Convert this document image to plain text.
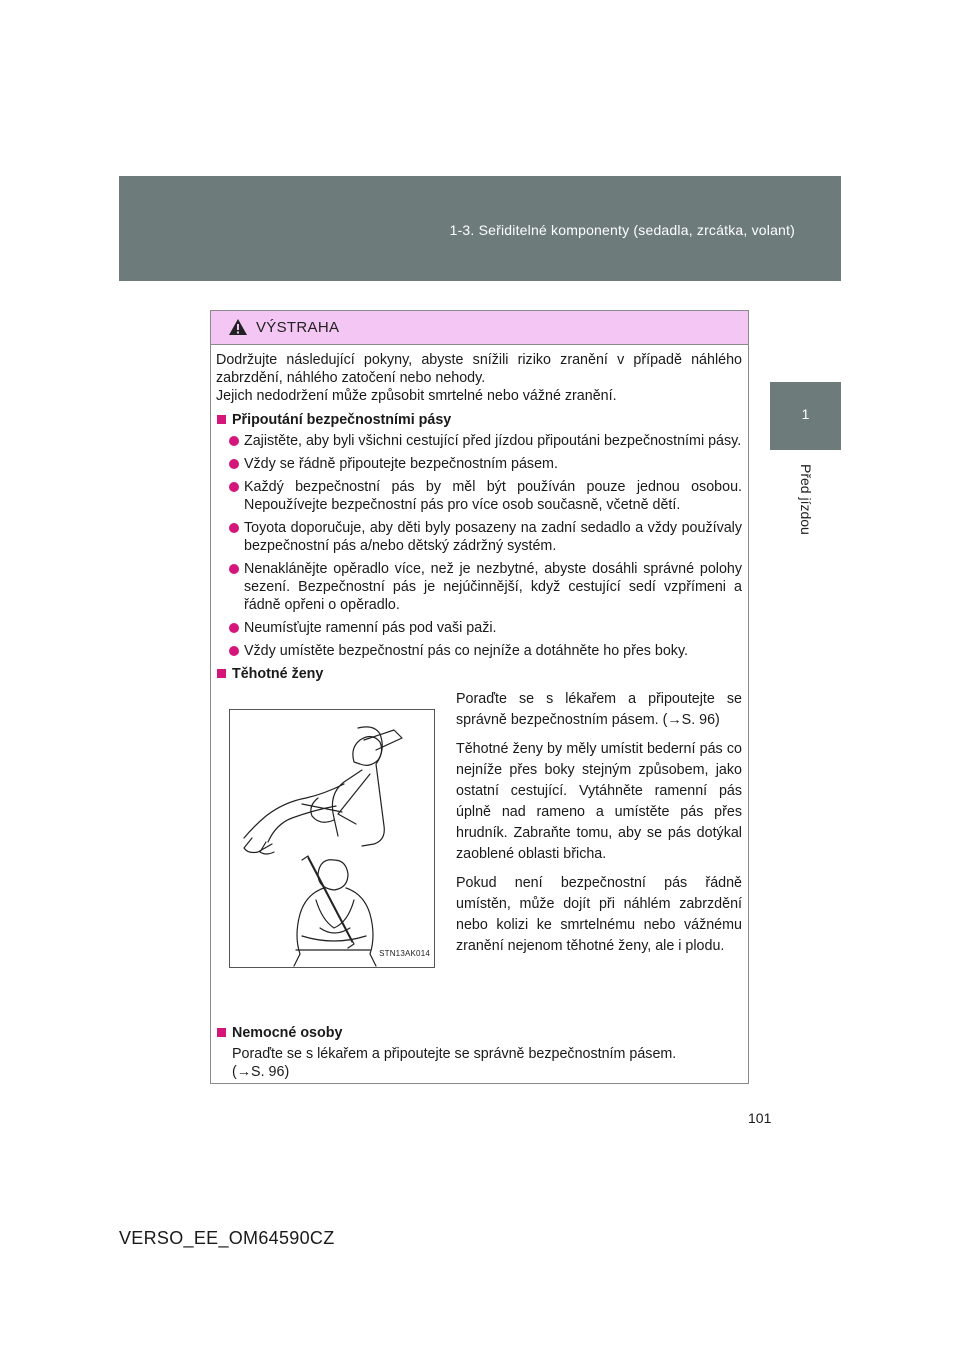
1-3. Seřiditelné komponenty (sedadla, zrcátka, volant)
1
Před jízdou
VÝSTRAHA

Dodržujte následující pokyny, abyste snížili riziko zranění v případě náhlého zabrzdění, náhlého zatočení nebo nehody.
Jejich nedodržení může způsobit smrtelné nebo vážné zranění.

Připoutání bezpečnostními pásy
Zajistěte, aby byli všichni cestující před jízdou připoutáni bezpečnostními pásy.
Vždy se řádně připoutejte bezpečnostním pásem.
Každý bezpečnostní pás by měl být používán pouze jednou osobou. Nepoužívejte bezpečnostní pás pro více osob současně, včetně dětí.
Toyota doporučuje, aby děti byly posazeny na zadní sedadlo a vždy používaly bezpečnostní pás a/nebo dětský zádržný systém.
Nenaklánějte opěradlo více, než je nezbytné, abyste dosáhli správné polohy sezení. Bezpečnostní pás je nejúčinnější, když cestující sedí vzpřímeni a řádně opřeni o opěradlo.
Neumísťujte ramenní pás pod vaši paži.
Vždy umístěte bezpečnostní pás co nejníže a dotáhněte ho přes boky.
Těhotné ženy
STN13AK014

Poraďte se s lékařem a připoutejte se správně bezpečnostním pásem. (→S. 96)

Těhotné ženy by měly umístit bederní pás co nejníže přes boky stejným způsobem, jako ostatní cestující. Vytáhněte ramenní pás úplně nad rameno a umístěte pás přes hrudník. Zabraňte tomu, aby se pás dotýkal zaoblené oblasti břicha.

Pokud není bezpečnostní pás řádně umístěn, může dojít při náhlém zabrzdění nebo kolizi ke smrtelnému nebo vážnému zranění nejenom těhotné ženy, ale i plodu.

Nemocné osoby

Poraďte se s lékařem a připoutejte se správně bezpečnostním pásem.
(→S. 96)

101
VERSO_EE_OM64590CZ
